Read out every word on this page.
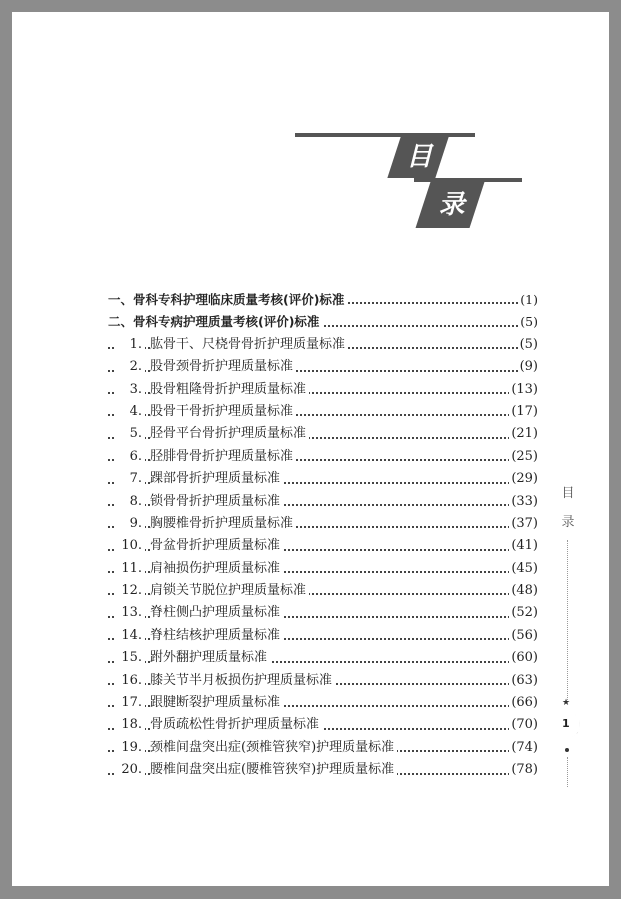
目
录
一、骨科专科护理临床质量考核(评价)标准	(1)
二、骨科专病护理质量考核(评价)标准	(5)
1. 肱骨干、尺桡骨骨折护理质量标准	(5)
2. 股骨颈骨折护理质量标准	(9)
3. 股骨粗隆骨折护理质量标准	(13)
4. 股骨干骨折护理质量标准	(17)
5. 胫骨平台骨折护理质量标准	(21)
6. 胫腓骨骨折护理质量标准	(25)
7. 踝部骨折护理质量标准	(29)
8. 锁骨骨折护理质量标准	(33)
9. 胸腰椎骨折护理质量标准	(37)
10. 骨盆骨折护理质量标准	(41)
11. 肩袖损伤护理质量标准	(45)
12. 肩锁关节脱位护理质量标准	(48)
13. 脊柱侧凸护理质量标准	(52)
14. 脊柱结核护理质量标准	(56)
15. 跗外翻护理质量标准	(60)
16. 膝关节半月板损伤护理质量标准	(63)
17. 跟腱断裂护理质量标准	(66)
18. 骨质疏松性骨折护理质量标准	(70)
19. 颈椎间盘突出症(颈椎管狭窄)护理质量标准	(74)
20. 腰椎间盘突出症(腰椎管狭窄)护理质量标准	(78)
目
录
★
1
